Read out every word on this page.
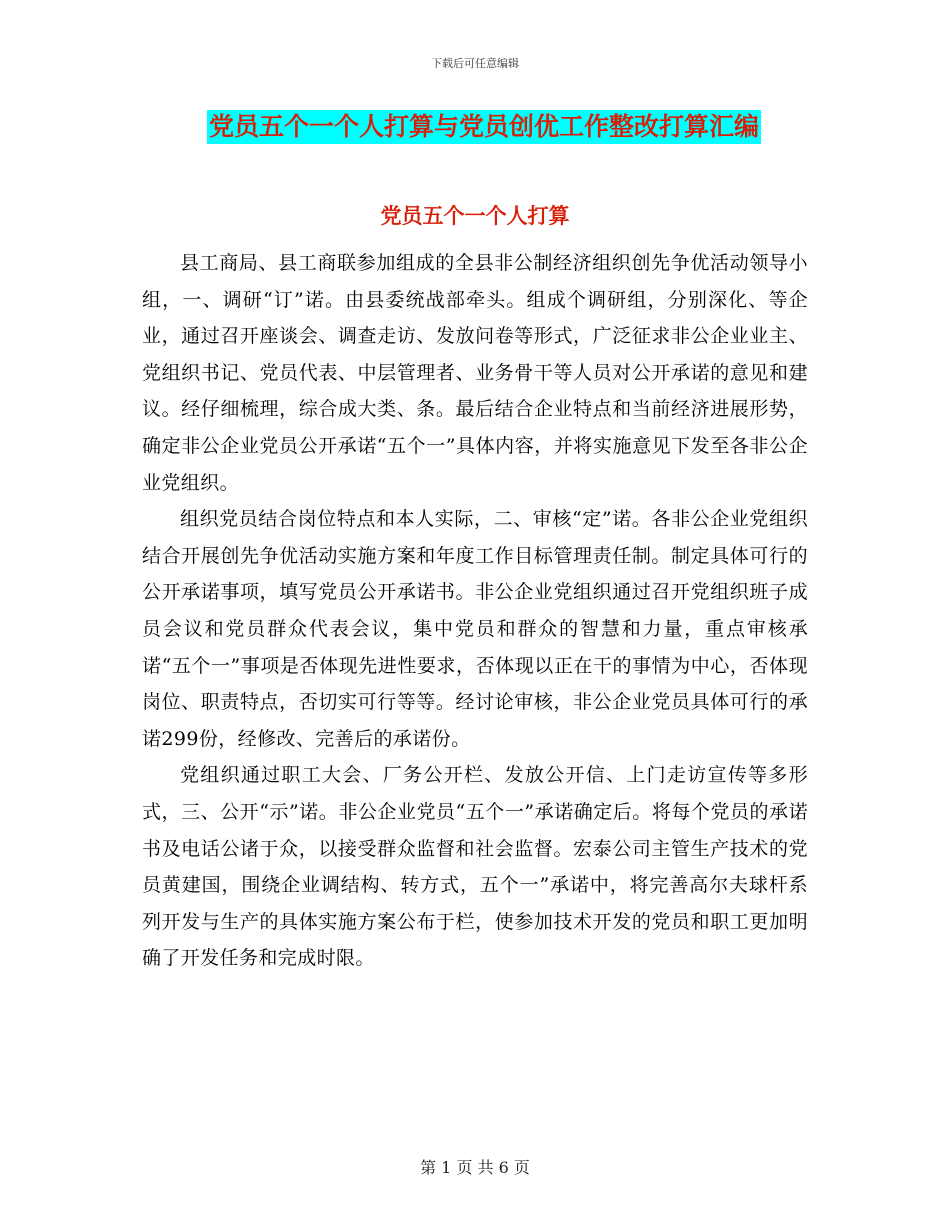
下载后可任意编辑
党员五个一个人打算与党员创优工作整改打算汇编
党员五个一个人打算

县工商局、县工商联参加组成的全县非公制经济组织创先争优活动领导小组，一、调研“订”诺。由县委统战部牵头。组成个调研组，分别深化、等企业，通过召开座谈会、调查走访、发放问卷等形式，广泛征求非公企业业主、党组织书记、党员代表、中层管理者、业务骨干等人员对公开承诺的意见和建议。经仔细梳理，综合成大类、条。最后结合企业特点和当前经济进展形势，确定非公企业党员公开承诺“五个一”具体内容，并将实施意见下发至各非公企业党组织。

组织党员结合岗位特点和本人实际，二、审核“定”诺。各非公企业党组织结合开展创先争优活动实施方案和年度工作目标管理责任制。制定具体可行的公开承诺事项，填写党员公开承诺书。非公企业党组织通过召开党组织班子成员会议和党员群众代表会议，集中党员和群众的智慧和力量，重点审核承诺“五个一”事项是否体现先进性要求，否体现以正在干的事情为中心，否体现岗位、职责特点，否切实可行等等。经讨论审核，非公企业党员具体可行的承诺299份，经修改、完善后的承诺份。

党组织通过职工大会、厂务公开栏、发放公开信、上门走访宣传等多形式，三、公开“示”诺。非公企业党员“五个一”承诺确定后。将每个党员的承诺书及电话公诸于众，以接受群众监督和社会监督。宏泰公司主管生产技术的党员黄建国，围绕企业调结构、转方式，五个一”承诺中，将完善高尔夫球杆系列开发与生产的具体实施方案公布于栏，使参加技术开发的党员和职工更加明确了开发任务和完成时限。

第 1 页 共 6 页
